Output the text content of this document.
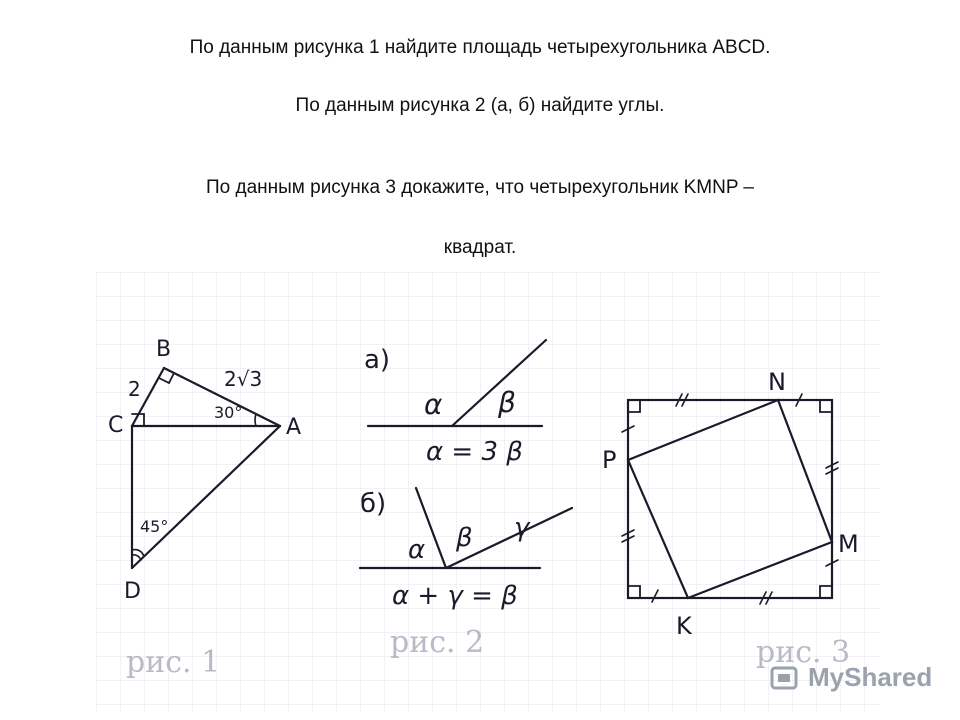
По данным рисунка 1 найдите площадь четырехугольника ABCD.
По данным рисунка 2 (а, б) найдите углы.
По данным рисунка 3 докажите, что четырехугольник KMNP –
квадрат.
B
C	A
D
2	2√3
30°
45°
рис. 1
а)
α β
α = 3 β
б)
α β γ
α + γ = β
рис. 2
N
P
M
K
рис. 3
MyShared
